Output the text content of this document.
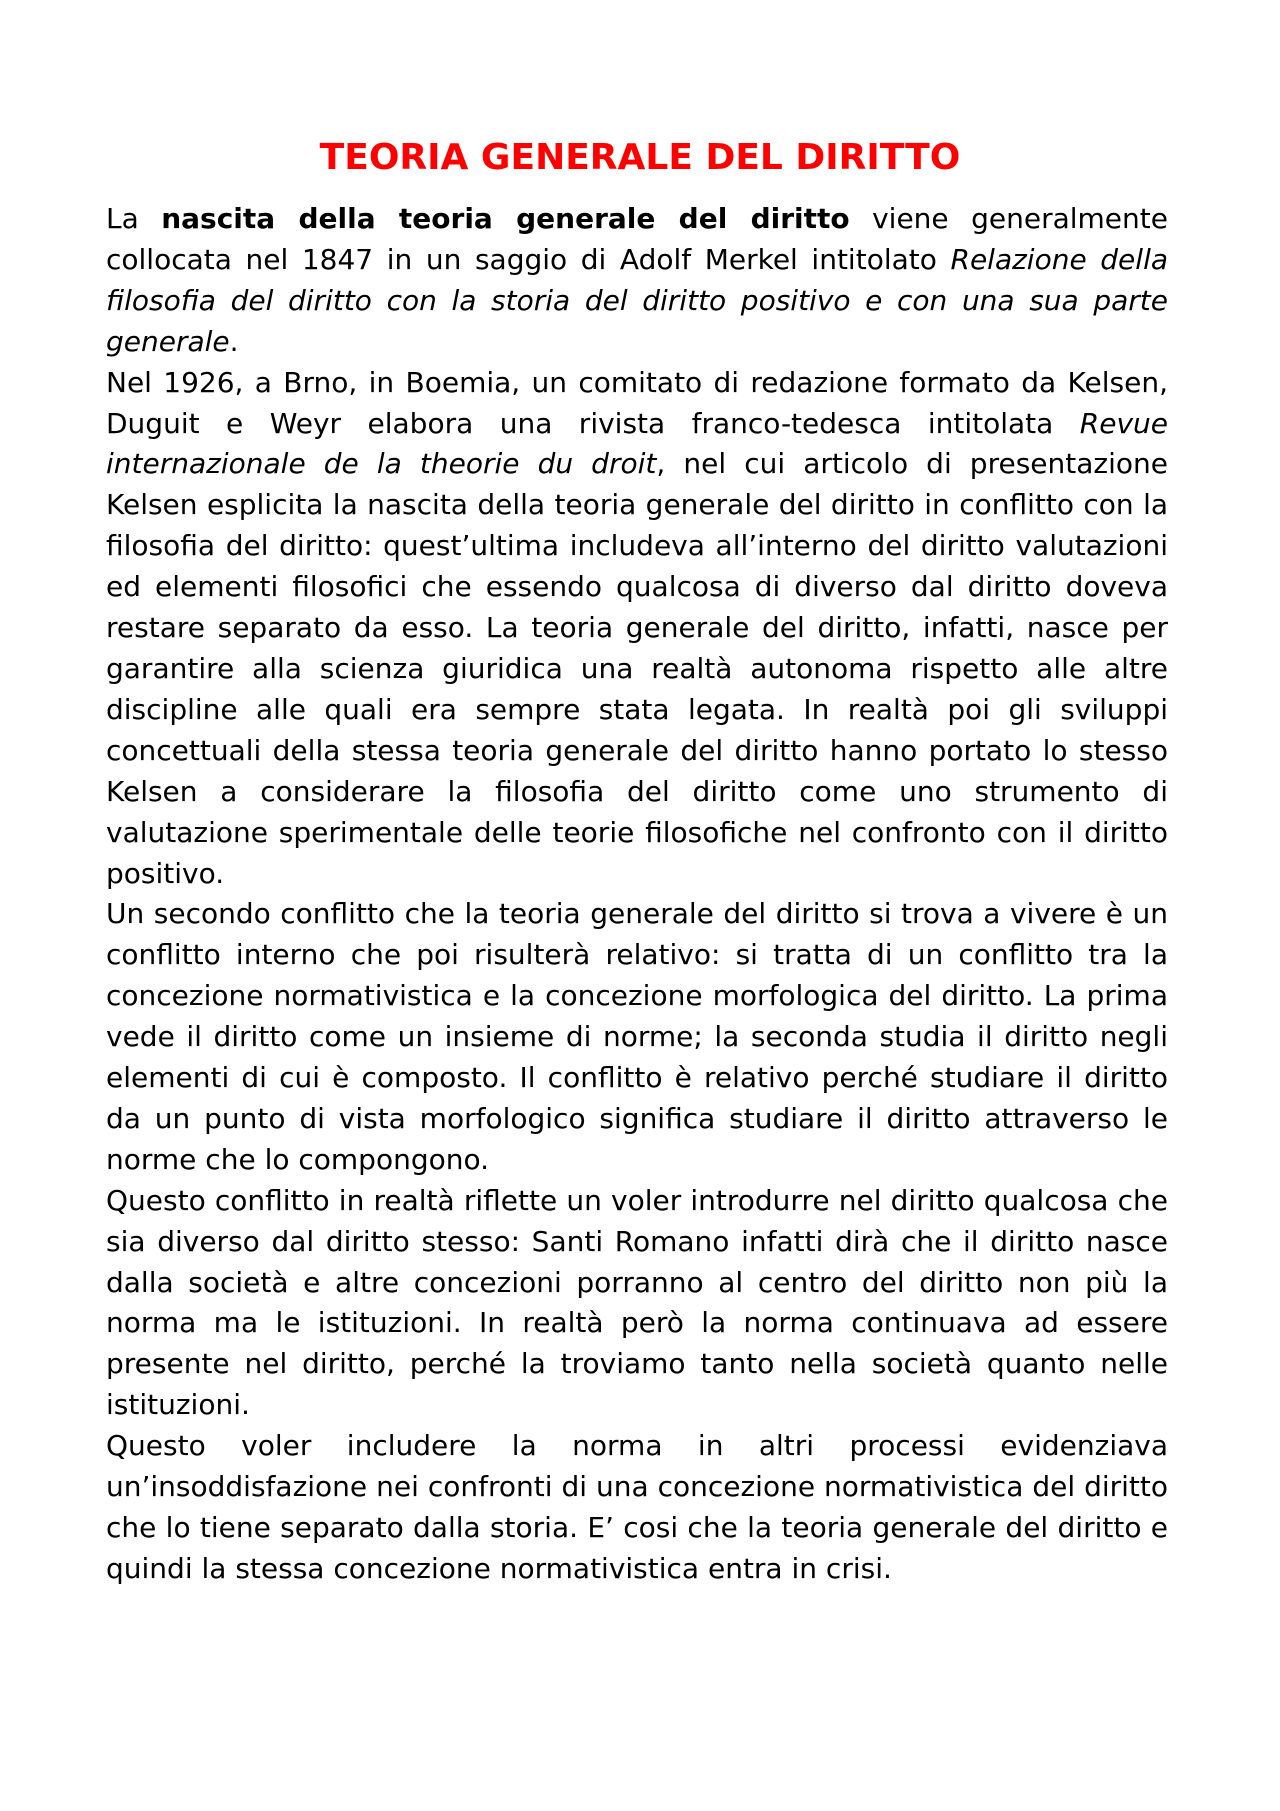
TEORIA GENERALE DEL DIRITTO

La nascita della teoria generale del diritto viene generalmente collocata nel 1847 in un saggio di Adolf Merkel intitolato Relazione della filosofia del diritto con la storia del diritto positivo e con una sua parte generale.

Nel 1926, a Brno, in Boemia, un comitato di redazione formato da Kelsen, Duguit e Weyr elabora una rivista franco-tedesca intitolata Revue internazionale de la theorie du droit, nel cui articolo di presentazione Kelsen esplicita la nascita della teoria generale del diritto in conflitto con la filosofia del diritto: quest’ultima includeva all’interno del diritto valutazioni ed elementi filosofici che essendo qualcosa di diverso dal diritto doveva restare separato da esso. La teoria generale del diritto, infatti, nasce per garantire alla scienza giuridica una realtà autonoma rispetto alle altre discipline alle quali era sempre stata legata. In realtà poi gli sviluppi concettuali della stessa teoria generale del diritto hanno portato lo stesso Kelsen a considerare la filosofia del diritto come uno strumento di valutazione sperimentale delle teorie filosofiche nel confronto con il diritto positivo.

Un secondo conflitto che la teoria generale del diritto si trova a vivere è un conflitto interno che poi risulterà relativo: si tratta di un conflitto tra la concezione normativistica e la concezione morfologica del diritto. La prima vede il diritto come un insieme di norme; la seconda studia il diritto negli elementi di cui è composto. Il conflitto è relativo perché studiare il diritto da un punto di vista morfologico significa studiare il diritto attraverso le norme che lo compongono.

Questo conflitto in realtà riflette un voler introdurre nel diritto qualcosa che sia diverso dal diritto stesso: Santi Romano infatti dirà che il diritto nasce dalla società e altre concezioni porranno al centro del diritto non più la norma ma le istituzioni. In realtà però la norma continuava ad essere presente nel diritto, perché la troviamo tanto nella società quanto nelle istituzioni.

Questo voler includere la norma in altri processi evidenziava un’insoddisfazione nei confronti di una concezione normativistica del diritto che lo tiene separato dalla storia. E’ cosi che la teoria generale del diritto e quindi la stessa concezione normativistica entra in crisi.
